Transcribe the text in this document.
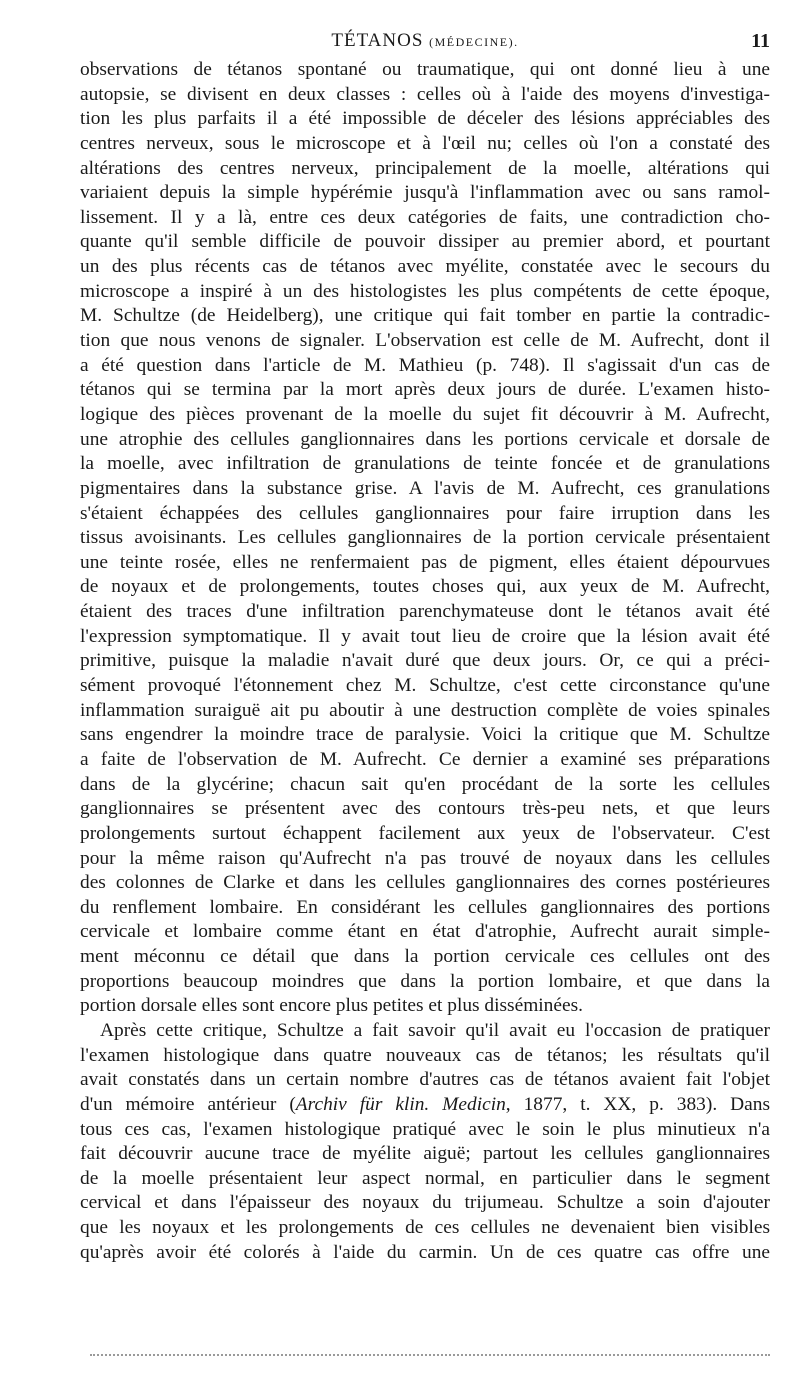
TÉTANOS (MÉDECINE).	11
observations de tétanos spontané ou traumatique, qui ont donné lieu à une
autopsie, se divisent en deux classes : celles où à l'aide des moyens d'investiga-
tion les plus parfaits il a été impossible de déceler des lésions appréciables des
centres nerveux, sous le microscope et à l'œil nu; celles où l'on a constaté des
altérations des centres nerveux, principalement de la moelle, altérations qui
variaient depuis la simple hypérémie jusqu'à l'inflammation avec ou sans ramol-
lissement. Il y a là, entre ces deux catégories de faits, une contradiction cho-
quante qu'il semble difficile de pouvoir dissiper au premier abord, et pourtant
un des plus récents cas de tétanos avec myélite, constatée avec le secours du
microscope a inspiré à un des histologistes les plus compétents de cette époque,
M. Schultze (de Heidelberg), une critique qui fait tomber en partie la contradic-
tion que nous venons de signaler. L'observation est celle de M. Aufrecht, dont il
a été question dans l'article de M. Mathieu (p. 748). Il s'agissait d'un cas de
tétanos qui se termina par la mort après deux jours de durée. L'examen histo-
logique des pièces provenant de la moelle du sujet fit découvrir à M. Aufrecht,
une atrophie des cellules ganglionnaires dans les portions cervicale et dorsale de
la moelle, avec infiltration de granulations de teinte foncée et de granulations
pigmentaires dans la substance grise. A l'avis de M. Aufrecht, ces granulations
s'étaient échappées des cellules ganglionnaires pour faire irruption dans les
tissus avoisinants. Les cellules ganglionnaires de la portion cervicale présentaient
une teinte rosée, elles ne renfermaient pas de pigment, elles étaient dépourvues
de noyaux et de prolongements, toutes choses qui, aux yeux de M. Aufrecht,
étaient des traces d'une infiltration parenchymateuse dont le tétanos avait été
l'expression symptomatique. Il y avait tout lieu de croire que la lésion avait été
primitive, puisque la maladie n'avait duré que deux jours. Or, ce qui a préci-
sément provoqué l'étonnement chez M. Schultze, c'est cette circonstance qu'une
inflammation suraiguë ait pu aboutir à une destruction complète de voies spinales
sans engendrer la moindre trace de paralysie. Voici la critique que M. Schultze
a faite de l'observation de M. Aufrecht. Ce dernier a examiné ses préparations
dans de la glycérine; chacun sait qu'en procédant de la sorte les cellules
ganglionnaires se présentent avec des contours très-peu nets, et que leurs
prolongements surtout échappent facilement aux yeux de l'observateur. C'est
pour la même raison qu'Aufrecht n'a pas trouvé de noyaux dans les cellules
des colonnes de Clarke et dans les cellules ganglionnaires des cornes postérieures
du renflement lombaire. En considérant les cellules ganglionnaires des portions
cervicale et lombaire comme étant en état d'atrophie, Aufrecht aurait simple-
ment méconnu ce détail que dans la portion cervicale ces cellules ont des
proportions beaucoup moindres que dans la portion lombaire, et que dans la
portion dorsale elles sont encore plus petites et plus disséminées.
Après cette critique, Schultze a fait savoir qu'il avait eu l'occasion de pratiquer
l'examen histologique dans quatre nouveaux cas de tétanos; les résultats qu'il
avait constatés dans un certain nombre d'autres cas de tétanos avaient fait l'objet
d'un mémoire antérieur (Archiv für klin. Medicin, 1877, t. XX, p. 383). Dans
tous ces cas, l'examen histologique pratiqué avec le soin le plus minutieux n'a
fait découvrir aucune trace de myélite aiguë; partout les cellules ganglionnaires
de la moelle présentaient leur aspect normal, en particulier dans le segment
cervical et dans l'épaisseur des noyaux du trijumeau. Schultze a soin d'ajouter
que les noyaux et les prolongements de ces cellules ne devenaient bien visibles
qu'après avoir été colorés à l'aide du carmin. Un de ces quatre cas offre une
